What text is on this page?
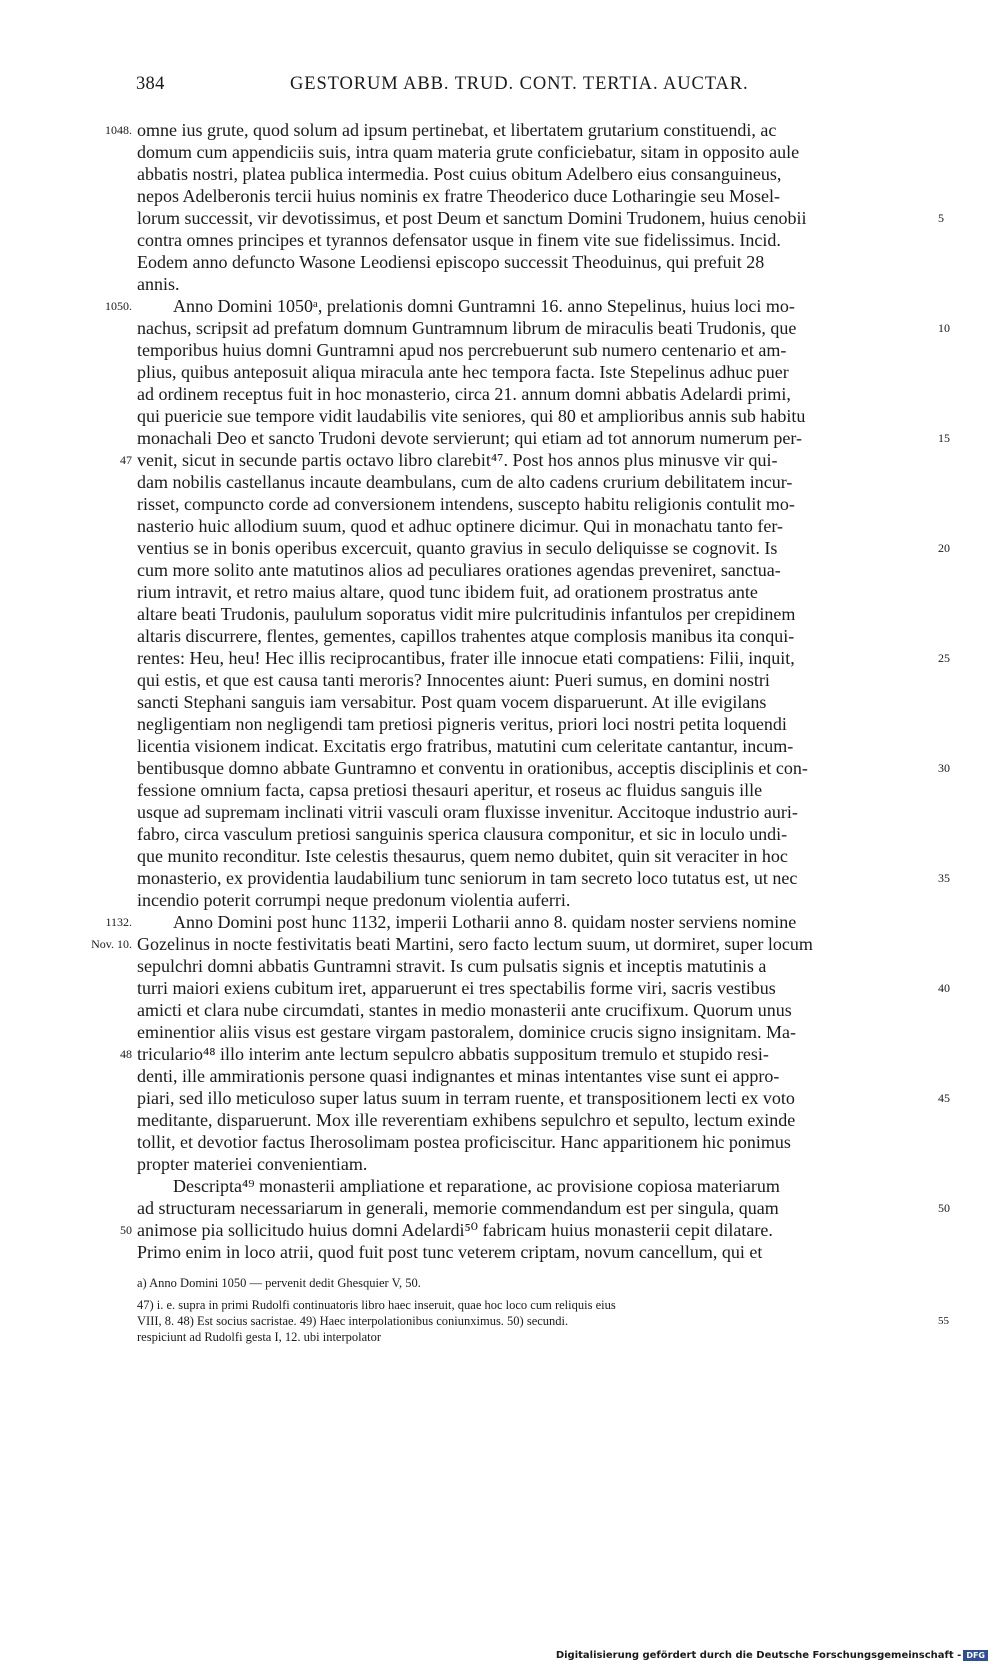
384	GESTORUM ABB. TRUD. CONT. TERTIA. AUCTAR.
omne ius grute, quod solum ad ipsum pertinebat, et libertatem grutarium constituendi, ac
domum cum appendiciis suis, intra quam materia grute conficiebatur, sitam in opposito aule
abbatis nostri, platea publica intermedia. Post cuius obitum Adelbero eius consanguineus,
nepos Adelberonis tercii huius nominis ex fratre Theoderico duce Lotharingie seu Mosel-
lorum successit, vir devotissimus, et post Deum et sanctum Domini Trudonem, huius cenobii
contra omnes principes et tyrannos defensator usque in finem vite sue fidelissimus. Incid.
Eodem anno defuncto Wasone Leodiensi episcopo successit Theoduinus, qui prefuit 28
annis.
Anno Domini 1050ᵃ, prelationis domni Guntramni 16. anno Stepelinus, huius loci mo-
nachus, scripsit ad prefatum domnum Guntramnum librum de miraculis beati Trudonis, que
temporibus huius domni Guntramni apud nos percrebuerunt sub numero centenario et am-
plius, quibus anteposuit aliqua miracula ante hec tempora facta. Iste Stepelinus adhuc puer
ad ordinem receptus fuit in hoc monasterio, circa 21. annum domni abbatis Adelardi primi,
qui puericie sue tempore vidit laudabilis vite seniores, qui 80 et amplioribus annis sub habitu
monachali Deo et sancto Trudoni devote servierunt; qui etiam ad tot annorum numerum per-
venit, sicut in secunde partis octavo libro clarebit⁴⁷. Post hos annos plus minusve vir qui-
dam nobilis castellanus incaute deambulans, cum de alto cadens crurium debilitatem incur-
risset, compuncto corde ad conversionem intendens, suscepto habitu religionis contulit mo-
nasterio huic allodium suum, quod et adhuc optinere dicimur. Qui in monachatu tanto fer-
ventius se in bonis operibus excercuit, quanto gravius in seculo deliquisse se cognovit. Is
cum more solito ante matutinos alios ad peculiares orationes agendas preveniret, sanctua-
rium intravit, et retro maius altare, quod tunc ibidem fuit, ad orationem prostratus ante
altare beati Trudonis, paululum soporatus vidit mire pulcritudinis infantulos per crepidinem
altaris discurrere, flentes, gementes, capillos trahentes atque complosis manibus ita conqui-
rentes: Heu, heu! Hec illis reciprocantibus, frater ille innocue etati compatiens: Filii, inquit,
qui estis, et que est causa tanti meroris? Innocentes aiunt: Pueri sumus, en domini nostri
sancti Stephani sanguis iam versabitur. Post quam vocem disparuerunt. At ille evigilans
negligentiam non negligendi tam pretiosi pigneris veritus, priori loci nostri petita loquendi
licentia visionem indicat. Excitatis ergo fratribus, matutini cum celeritate cantantur, incum-
bentibusque domno abbate Guntramno et conventu in orationibus, acceptis disciplinis et con-
fessione omnium facta, capsa pretiosi thesauri aperitur, et roseus ac fluidus sanguis ille
usque ad supremam inclinati vitrii vasculi oram fluxisse invenitur. Accitoque industrio auri-
fabro, circa vasculum pretiosi sanguinis sperica clausura componitur, et sic in loculo undi-
que munito reconditur. Iste celestis thesaurus, quem nemo dubitet, quin sit veraciter in hoc
monasterio, ex providentia laudabilium tunc seniorum in tam secreto loco tutatus est, ut nec
incendio poterit corrumpi neque predonum violentia auferri.
Anno Domini post hunc 1132, imperii Lotharii anno 8. quidam noster serviens nomine
Gozelinus in nocte festivitatis beati Martini, sero facto lectum suum, ut dormiret, super locum
sepulchri domni abbatis Guntramni stravit. Is cum pulsatis signis et inceptis matutinis a
turri maiori exiens cubitum iret, apparuerunt ei tres spectabilis forme viri, sacris vestibus
amicti et clara nube circumdati, stantes in medio monasterii ante crucifixum. Quorum unus
eminentior aliis visus est gestare virgam pastoralem, dominice crucis signo insignitam. Ma-
triculario⁴⁸ illo interim ante lectum sepulcro abbatis suppositum tremulo et stupido resi-
denti, ille ammirationis persone quasi indignantes et minas intentantes vise sunt ei appro-
piari, sed illo meticuloso super latus suum in terram ruente, et transpositionem lecti ex voto
meditante, disparuerunt. Mox ille reverentiam exhibens sepulchro et sepulto, lectum exinde
tollit, et devotior factus Iherosolimam postea proficiscitur. Hanc apparitionem hic ponimus
propter materiei convenientiam.
Descripta⁴⁹ monasterii ampliatione et reparatione, ac provisione copiosa materiarum
ad structuram necessariarum in generali, memorie commendandum est per singula, quam
animose pia sollicitudo huius domni Adelardi⁵⁰ fabricam huius monasterii cepit dilatare.
Primo enim in loco atrii, quod fuit post tunc veterem criptam, novum cancellum, qui et
1048.
1050.
47
1132.
Nov. 10.
48
50
5
10
15
20
25
30
35
40
45
50
a) Anno Domini 1050 — pervenit dedit Ghesquier V, 50.
47) i. e. supra in primi Rudolfi continuatoris libro haec inseruit, quae hoc loco cum reliquis eius
VIII, 8. 48) Est socius sacristae. 49) Haec interpolationibus coniunximus. 50) secundi.
respiciunt ad Rudolfi gesta I, 12. ubi interpolator
55
Digitalisierung gefördert durch die Deutsche Forschungsgemeinschaft - DFG
